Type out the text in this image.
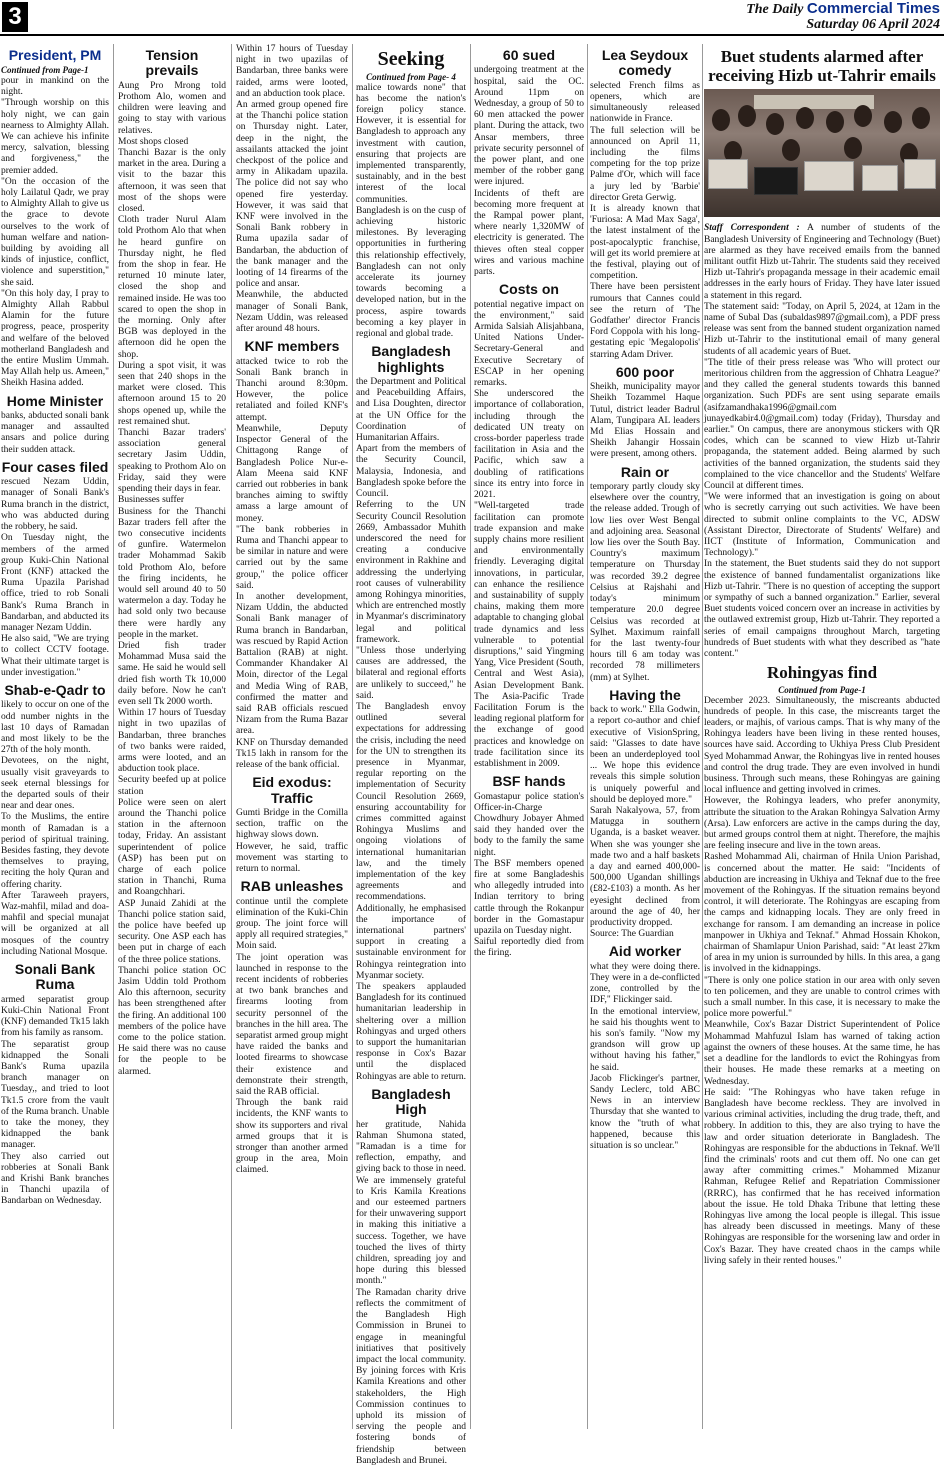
3	The Daily Commercial Times
Saturday 06 April 2024
President, PM
Continued from Page-1

pour in mankind on the night.
"Through worship on this holy night, we can gain nearness to Almighty Allah. We can achieve his infinite mercy, salvation, blessing and forgiveness," the premier added.
"On the occasion of the holy Lailatul Qadr, we pray to Almighty Allah to give us the grace to devote ourselves to the work of human welfare and nation-building by avoiding all kinds of injustice, conflict, violence and superstition," she said.
"On this holy day, I pray to Almighty Allah Rabbul Alamin for the future progress, peace, prosperity and welfare of the beloved motherland Bangladesh and the entire Muslim Ummah. May Allah help us. Ameen," Sheikh Hasina added.

Home Minister

banks, abducted sonali bank manager and assaulted ansars and police during their sudden attack.

Four cases filed

rescued Nezam Uddin, manager of Sonali Bank's Ruma branch in the district, who was abducted during the robbery, he said.
On Tuesday night, the members of the armed group Kuki-Chin National Front (KNF) attacked the Ruma Upazila Parishad office, tried to rob Sonali Bank's Ruma Branch in Bandarban, and abducted its manager Nezam Uddin.
He also said, "We are trying to collect CCTV footage. What their ultimate target is under investigation."

Shab-e-Qadr to

likely to occur on one of the odd number nights in the last 10 days of Ramadan and most likely to be the 27th of the holy month.
Devotees, on the night, usually visit graveyards to seek eternal blessings for the departed souls of their near and dear ones.
To the Muslims, the entire month of Ramadan is a period of spiritual training. Besides fasting, they devote themselves to praying, reciting the holy Quran and offering charity.
After Taraweeh prayers, Waz-mahfil, milad and doa-mahfil and special munajat will be organized at all mosques of the country including National Mosque.

Sonali Bank Ruma

armed separatist group Kuki-Chin National Front (KNF) demanded Tk15 lakh from his family as ransom.
The separatist group kidnapped the Sonali Bank's Ruma upazila branch manager on Tuesday,, and tried to loot Tk1.5 crore from the vault of the Ruma branch. Unable to take the money, they kidnapped the bank manager.
They also carried out robberies at Sonali Bank and Krishi Bank branches in Thanchi upazila of Bandarban on Wednesday.

Tension prevails

Aung Pro Mrong told Prothom Alo, women and children were leaving and going to stay with various relatives.
Most shops closed
Thanchi Bazar is the only market in the area. During a visit to the bazar this afternoon, it was seen that most of the shops were closed.
Cloth trader Nurul Alam told Prothom Alo that when he heard gunfire on Thursday night, he fled from the shop in fear. He returned 10 minute later, closed the shop and remained inside. He was too scared to open the shop in the morning. Only after BGB was deployed in the afternoon did he open the shop.
During a spot visit, it was seen that 240 shops in the market were closed. This afternoon around 15 to 20 shops opened up, while the rest remained shut.
Thanchi Bazar traders' association general secretary Jasim Uddin, speaking to Prothom Alo on Friday, said they were spending their days in fear.
Businesses suffer
Business for the Thanchi Bazar traders fell after the two consecutive incidents of gunfire. Watermelon trader Mohammad Sakib told Prothom Alo, before the firing incidents, he would sell around 40 to 50 watermelon a day. Today he had sold only two because there were hardly any people in the market.
Dried fish trader Mohammad Musa said the same. He said he would sell dried fish worth Tk 10,000 daily before. Now he can't even sell Tk 2000 worth.
Within 17 hours of Tuesday night in two upazilas of Bandarban, three branches of two banks were raided, arms were looted, and an abduction took place.
Security beefed up at police station
Police were seen on alert around the Thanchi police station in the afternoon today, Friday. An assistant superintendent of police (ASP) has been put on charge of each police station in Thanchi, Ruma and Roangchhari.
ASP Junaid Zahidi at the Thanchi police station said, the police have beefed up security. One ASP each has been put in charge of each of the three police stations.
Thanchi police station OC Jasim Uddin told Prothom Alo this afternoon, security has been strengthened after the firing. An additional 100 members of the police have come to the police station. He said there was no cause for the people to be alarmed.

Within 17 hours of Tuesday night in two upazilas of Bandarban, three banks were raided, arms were looted, and an abduction took place.
An armed group opened fire at the Thanchi police station on Thursday night. Later, deep in the night, the assailants attacked the joint checkpost of the police and army in Alikadam upazila. The police did not say who opened fire yesterday. However, it was said that KNF were involved in the Sonali Bank robbery in Ruma upazila sadar of Bandarban, the abduction of the bank manager and the looting of 14 firearms of the police and ansar.
Meanwhile, the abducted manager of Sonali Bank, Nezam Uddin, was released after around 48 hours.

KNF members

attacked twice to rob the Sonali Bank branch in Thanchi around 8:30pm. However, the police retaliated and foiled KNF's attempt.
Meanwhile, Deputy Inspector General of the Chittagong Range of Bangladesh Police Nur-e-Alam Meena said KNF carried out robberies in bank branches aiming to swiftly amass a large amount of money.
"The bank robberies in Ruma and Thanchi appear to be similar in nature and were carried out by the same group," the police officer said.
In another development, Nizam Uddin, the abducted Sonali Bank manager of Ruma branch in Bandarban, was rescued by Rapid Action Battalion (RAB) at night. Commander Khandaker Al Moin, director of the Legal and Media Wing of RAB, confirmed the matter and said RAB officials rescued Nizam from the Ruma Bazar area.
KNF on Thursday demanded Tk15 lakh in ransom for the release of the bank official.

Eid exodus: Traffic

Gumti Bridge in the Comilla section, traffic on the highway slows down.
However, he said, traffic movement was starting to return to normal.

RAB unleashes

continue until the complete elimination of the Kuki-Chin group. The joint force will apply all required strategies," Moin said.
The joint operation was launched in response to the recent incidents of robberies at two bank branches and firearms looting from security personnel of the branches in the hill area. The separatist armed group might have raided the banks and looted firearms to showcase their existence and demonstrate their strength, said the RAB official.
Through the bank raid incidents, the KNF wants to show its supporters and rival armed groups that it is stronger than another armed group in the area, Moin claimed.

Seeking
Continued from Page- 4

malice towards none" that has become the nation's foreign policy stance. However, it is essential for Bangladesh to approach any investment with caution, ensuring that projects are implemented transparently, sustainably, and in the best interest of the local communities.
Bangladesh is on the cusp of achieving historic milestones. By leveraging opportunities in furthering this relationship effectively, Bangladesh can not only accelerate its journey towards becoming a developed nation, but in the process, aspire towards becoming a key player in regional and global trade.

Bangladesh highlights

the Department and Political and Peacebuilding Affairs, and Lisa Doughten, director at the UN Office for the Coordination of Humanitarian Affairs.
Apart from the members of the Security Council, Malaysia, Indonesia, and Bangladesh spoke before the Council.
Referring to the UN Security Council Resolution 2669, Ambassador Muhith underscored the need for creating a conducive environment in Rakhine and addressing the underlying root causes of vulnerability among Rohingya minorities, which are entrenched mostly in Myanmar's discriminatory legal and political framework.
"Unless those underlying causes are addressed, the bilateral and regional efforts are unlikely to succeed," he said.
The Bangladesh envoy outlined several expectations for addressing the crisis, including the need for the UN to strengthen its presence in Myanmar, regular reporting on the implementation of Security Council Resolution 2669, ensuring accountability for crimes committed against Rohingya Muslims and ongoing violations of international humanitarian law, and the timely implementation of the key agreements and recommendations.
Additionally, he emphasised the importance of international partners' support in creating a sustainable environment for Rohingya reintegration into Myanmar society.
The speakers applauded Bangladesh for its continued humanitarian leadership in sheltering over a million Rohingyas and urged others to support the humanitarian response in Cox's Bazar until the displaced Rohingyas are able to return.

Bangladesh High

her gratitude, Nahida Rahman Shumona stated, "Ramadan is a time for reflection, empathy, and giving back to those in need. We are immensely grateful to Kris Kamila Kreations and our esteemed partners for their unwavering support in making this initiative a success. Together, we have touched the lives of thirty children, spreading joy and hope during this blessed month."
The Ramadan charity drive reflects the commitment of the Bangladesh High Commission in Brunei to engage in meaningful initiatives that positively impact the local community. By joining forces with Kris Kamila Kreations and other stakeholders, the High Commission continues to uphold its mission of serving the people and fostering bonds of friendship between Bangladesh and Brunei.

60 sued

undergoing treatment at the hospital, said the OC. Around 11pm on Wednesday, a group of 50 to 60 men attacked the power plant. During the attack, two Ansar members, three private security personnel of the power plant, and one member of the robber gang were injured.
Incidents of theft are becoming more frequent at the Rampal power plant, where nearly 1,320MW of electricity is generated. The thieves often steal copper wires and various machine parts.

Costs on

potential negative impact on the environment," said Armida Salsiah Alisjahbana, United Nations Under-Secretary-General and Executive Secretary of ESCAP in her opening remarks.
She underscored the importance of collaboration, including through the dedicated UN treaty on cross-border paperless trade facilitation in Asia and the Pacific, which saw a doubling of ratifications since its entry into force in 2021.
"Well-targeted trade facilitation can promote trade expansion and make supply chains more resilient and environmentally friendly. Leveraging digital innovations, in particular, can enhance the resilience and sustainability of supply chains, making them more adaptable to changing global trade dynamics and less vulnerable to potential disruptions," said Yingming Yang, Vice President (South, Central and West Asia), Asian Development Bank. The Asia-Pacific Trade Facilitation Forum is the leading regional platform for the exchange of good practices and knowledge on trade facilitation since its establishment in 2009.

BSF hands

Gomastapur police station's Officer-in-Charge Chowdhury Jobayer Ahmed said they handed over the body to the family the same night.
The BSF members opened fire at some Bangladeshis who allegedly intruded into Indian territory to bring cattle through the Rokanpur border in the Gomastapur upazila on Tuesday night.
Saiful reportedly died from the firing.

Lea Seydoux comedy

selected French films as openers, which are simultaneously released nationwide in France.
The full selection will be announced on April 11, including the films competing for the top prize Palme d'Or, which will face a jury led by 'Barbie' director Greta Gerwig.
It is already known that 'Furiosa: A Mad Max Saga', the latest instalment of the post-apocalyptic franchise, will get its world premiere at the festival, playing out of competition.
There have been persistent rumours that Cannes could see the return of 'The Godfather' director Francis Ford Coppola with his long-gestating epic 'Megalopolis' starring Adam Driver.

600 poor

Sheikh, municipality mayor Sheikh Tozammel Haque Tutul, district leader Badrul Alam, Tungipara AL leaders Md Elias Hossain and Sheikh Jahangir Hossain were present, among others.

Rain or

temporary partly cloudy sky elsewhere over the country, the release added. Trough of low lies over West Bengal and adjoining area. Seasonal low lies over the South Bay. Country's maximum temperature on Thursday was recorded 39.2 degree Celsius at Rajshahi and today's minimum temperature 20.0 degree Celsius was recorded at Sylhet. Maximum rainfall for the last twenty-four hours till 6 am today was recorded 78 millimeters (mm) at Sylhet.

Having the

back to work." Ella Godwin, a report co-author and chief executive of VisionSpring, said: "Glasses to date have been an underdeployed tool ... We hope this evidence reveals this simple solution is uniquely powerful and should be deployed more."
Sarah Nakalyowa, 57, from Matugga in southern Uganda, is a basket weaver. When she was younger she made two and a half baskets a day and earned 400,000-500,000 Ugandan shillings (£82-£103) a month. As her eyesight declined from around the age of 40, her productivity dropped.
Source: The Guardian

Aid worker

what they were doing there. They were in a de-conflicted zone, controlled by the IDF," Flickinger said.
In the emotional interview, he said his thoughts went to his son's family. "Now my grandson will grow up without having his father," he said.
Jacob Flickinger's partner, Sandy Leclerc, told ABC News in an interview Thursday that she wanted to know the "truth of what happened, because this situation is so unclear."

Buet students alarmed after receiving Hizb ut-Tahrir emails

Staff Correspondent : A number of students of the Bangladesh University of Engineering and Technology (Buet) are alarmed as they have received emails from the banned militant outfit Hizb ut-Tahrir. The students said they received Hizb ut-Tahrir's propaganda message in their academic email addresses in the early hours of Friday. They have later issued a statement in this regard.

The statement said: "Today, on April 5, 2024, at 12am in the name of Subal Das (subaldas9897@gmail.com), a PDF press release was sent from the banned student organization named Hizb ut-Tahrir to the institutional email of many general students of all academic years of Buet.
"The title of their press release was 'Who will protect our meritorious children from the aggression of Chhatra League?' and they called the general students towards this banned organization. Such PDFs are sent using separate emails (asifzamandhaka1996@gmail.com junayedkabir4.0@gmail.com) today (Friday), Thursday and earlier." On campus, there are anonymous stickers with QR codes, which can be scanned to view Hizb ut-Tahrir propaganda, the statement added. Being alarmed by such activities of the banned organization, the students said they complained to the vice chancellor and the Students' Welfare Council at different times.
"We were informed that an investigation is going on about who is secretly carrying out such activities. We have been directed to submit online complaints to the VC, ADSW (Assistant Director, Directorate of Students' Welfare) and IICT (Institute of Information, Communication and Technology)."
In the statement, the Buet students said they do not support the existence of banned fundamentalist organizations like Hizb ut-Tahrir. "There is no question of accepting the support or sympathy of such a banned organization." Earlier, several Buet students voiced concern over an increase in activities by the outlawed extremist group, Hizb ut-Tahrir. They reported a series of email campaigns throughout March, targeting hundreds of Buet students with what they described as "hate content."

Rohingyas find
Continued from Page-1

December 2023. Simultaneously, the miscreants abducted hundreds of people. In this case, the miscreants target the leaders, or majhis, of various camps. That is why many of the Rohingya leaders have been living in these rented houses, sources have said. According to Ukhiya Press Club President Syed Mohammad Anwar, the Rohingyas live in rented houses and control the drug trade. They are even involved in hundi business. Through such means, these Rohingyas are gaining local influence and getting involved in crimes.
However, the Rohingya leaders, who prefer anonymity, attribute the situation to the Arakan Rohingya Salvation Army (Arsa). Law enforcers are active in the camps during the day, but armed groups control them at night. Therefore, the majhis are feeling insecure and live in the town areas.
Rashed Mohammad Ali, chairman of Hnila Union Parishad, is concerned about the matter. He said: "Incidents of abduction are increasing in Ukhiya and Teknaf due to the free movement of the Rohingyas. If the situation remains beyond control, it will deteriorate. The Rohingyas are escaping from the camps and kidnapping locals. They are only freed in exchange for ransom. I am demanding an increase in police manpower in Ukhiya and Teknaf." Ahmad Hossain Khokon, chairman of Shamlapur Union Parishad, said: "At least 27km of area in my union is surrounded by hills. In this area, a gang is involved in the kidnappings.
"There is only one police station in our area with only seven to ten policemen, and they are unable to control crimes with such a small number. In this case, it is necessary to make the police more powerful."
Meanwhile, Cox's Bazar District Superintendent of Police Mohammad Mahfuzul Islam has warned of taking action against the owners of these houses. At the same time, he has set a deadline for the landlords to evict the Rohingyas from their houses. He made these remarks at a meeting on Wednesday.
He said: "The Rohingyas who have taken refuge in Bangladesh have become reckless. They are involved in various criminal activities, including the drug trade, theft, and robbery. In addition to this, they are also trying to have the law and order situation deteriorate in Bangladesh. The Rohingyas are responsible for the abductions in Teknaf. We'll find the criminals' roots and cut them off. No one can get away after committing crimes." Mohammed Mizanur Rahman, Refugee Relief and Repatriation Commissioner (RRRC), has confirmed that he has received information about the issue. He told Dhaka Tribune that letting these Rohingyas live among the local people is illegal. This issue has already been discussed in meetings. Many of these Rohingyas are responsible for the worsening law and order in Cox's Bazar. They have created chaos in the camps while living safely in their rented houses."
